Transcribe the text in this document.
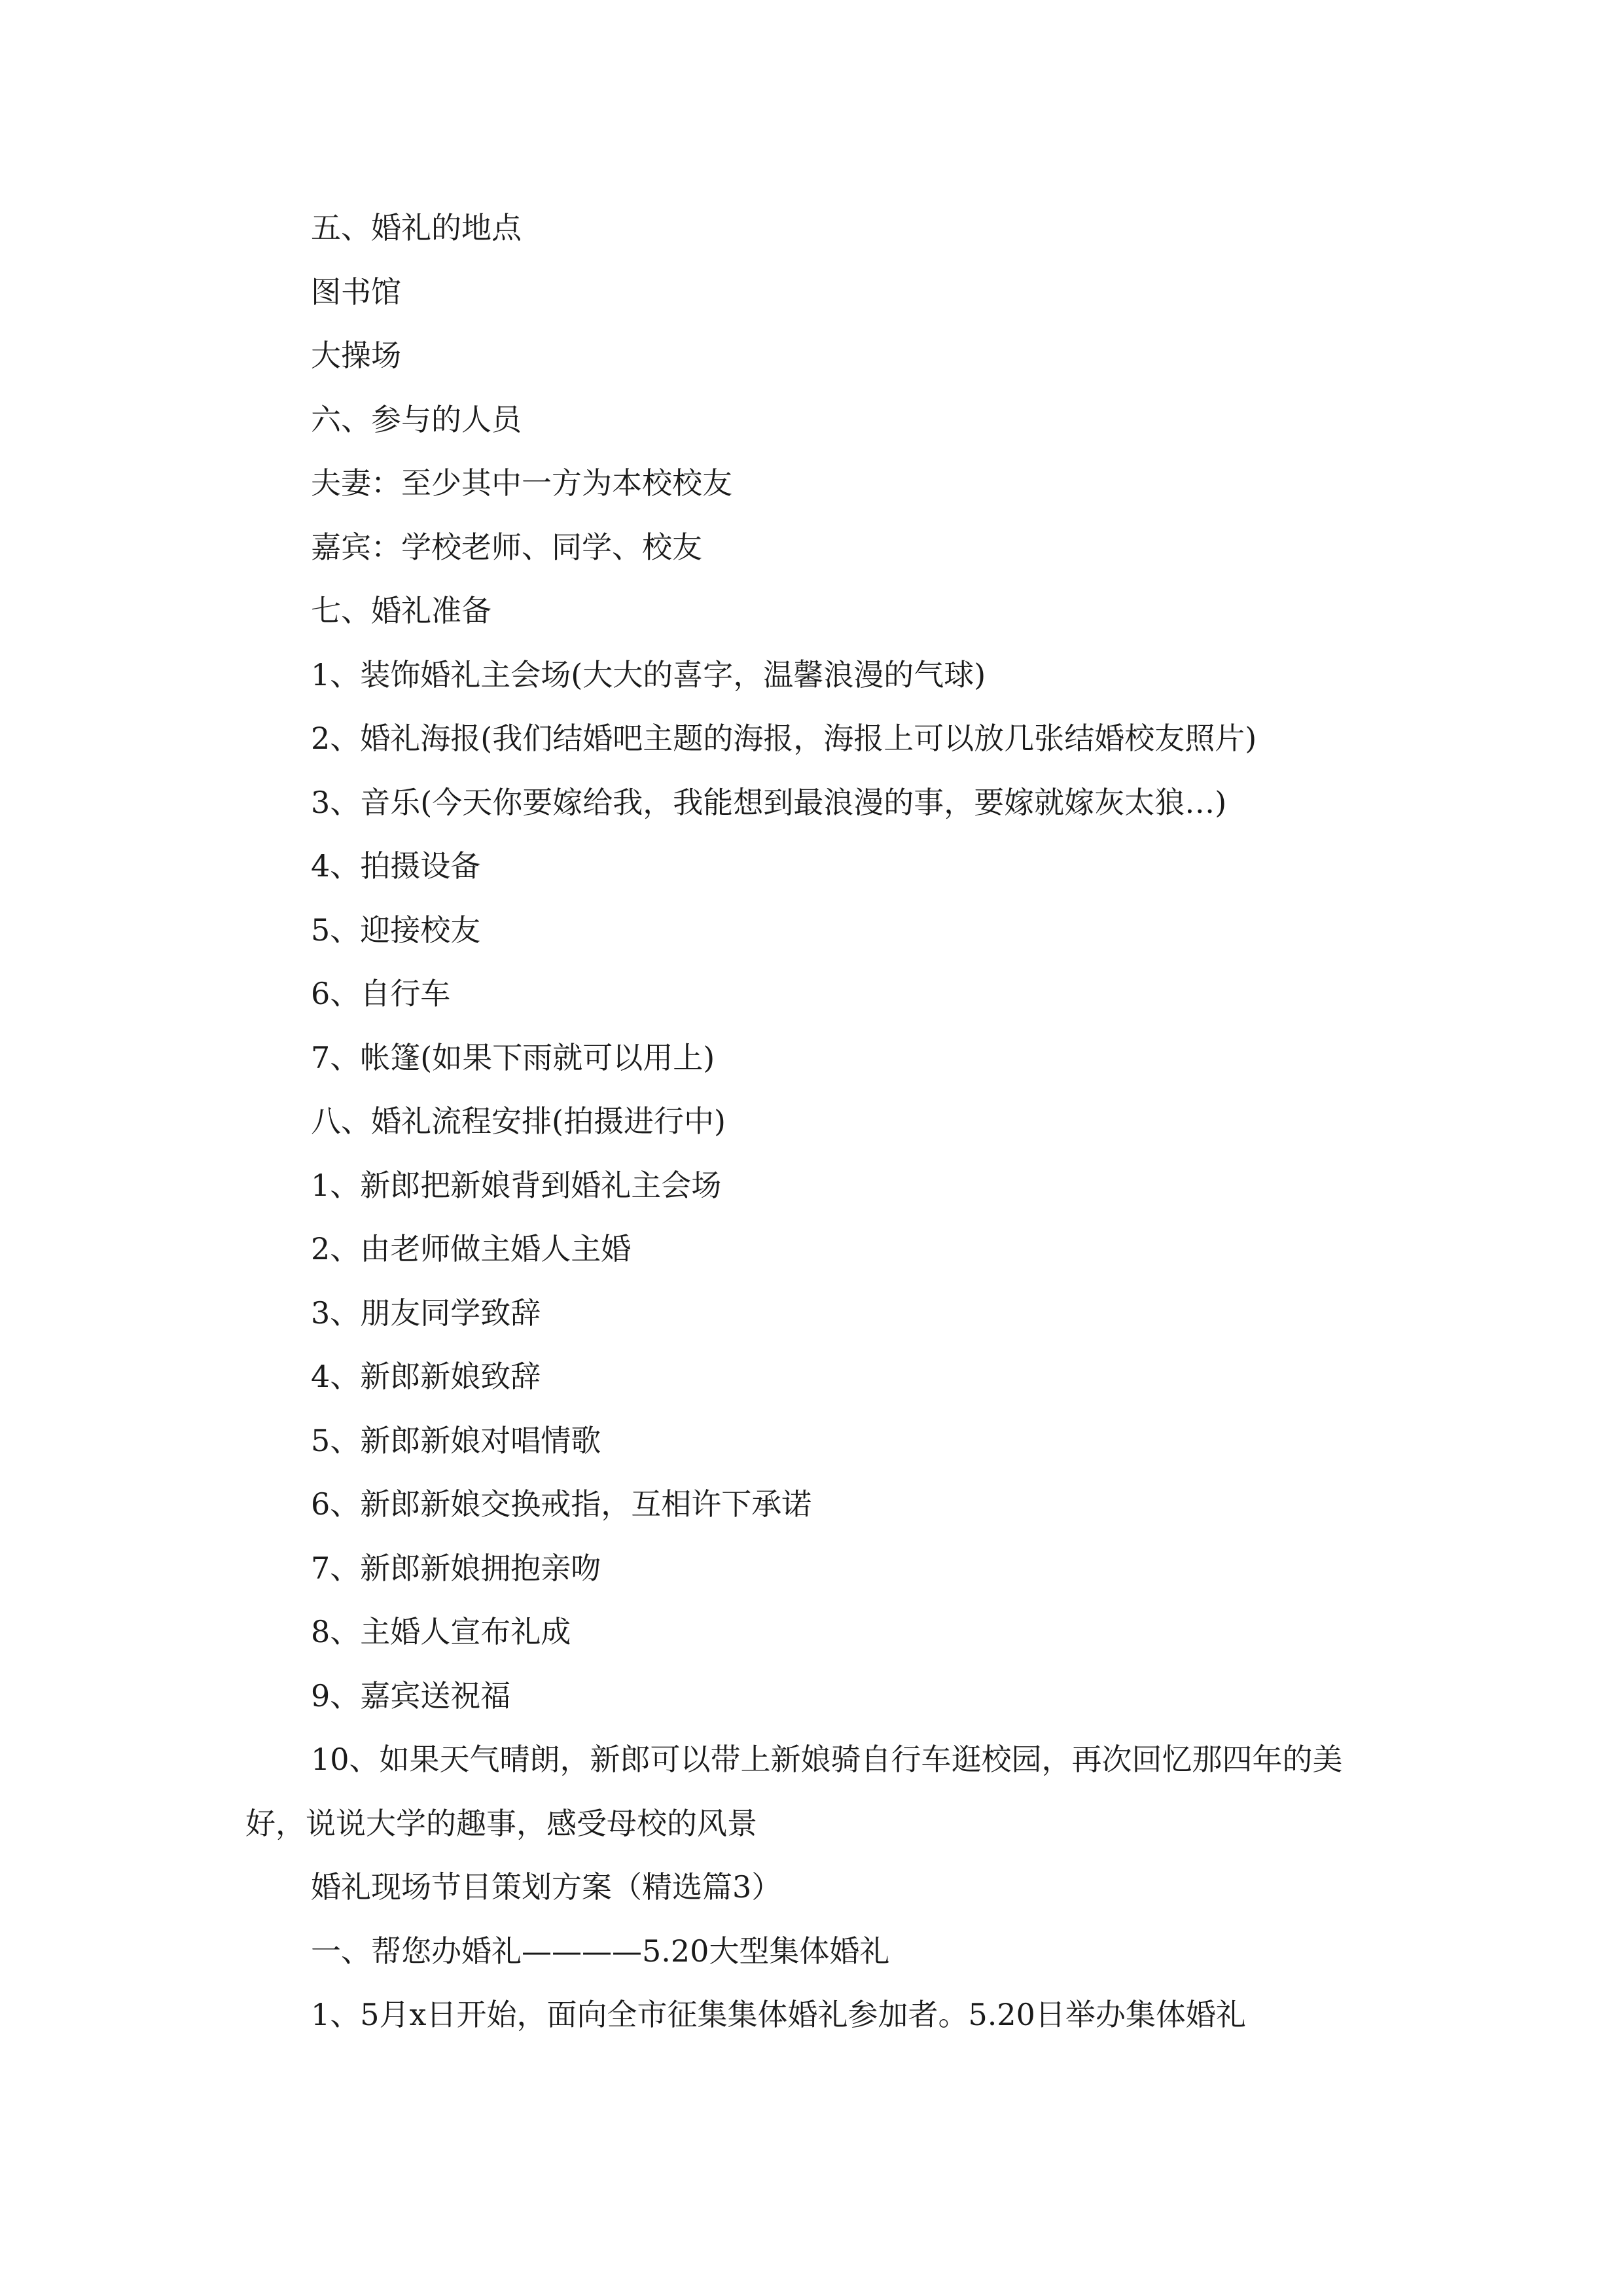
五、婚礼的地点

图书馆

大操场

六、参与的人员

夫妻：至少其中一方为本校校友

嘉宾：学校老师、同学、校友

七、婚礼准备

1、装饰婚礼主会场(大大的喜字，温馨浪漫的气球)

2、婚礼海报(我们结婚吧主题的海报，海报上可以放几张结婚校友照片)

3、音乐(今天你要嫁给我，我能想到最浪漫的事，要嫁就嫁灰太狼…)

4、拍摄设备

5、迎接校友

6、自行车

7、帐篷(如果下雨就可以用上)

八、婚礼流程安排(拍摄进行中)

1、新郎把新娘背到婚礼主会场

2、由老师做主婚人主婚

3、朋友同学致辞

4、新郎新娘致辞

5、新郎新娘对唱情歌

6、新郎新娘交换戒指，互相许下承诺

7、新郎新娘拥抱亲吻

8、主婚人宣布礼成

9、嘉宾送祝福

10、如果天气晴朗，新郎可以带上新娘骑自行车逛校园，再次回忆那四年的美好，说说大学的趣事，感受母校的风景

婚礼现场节目策划方案（精选篇3）

一、帮您办婚礼————5.20大型集体婚礼

1、5月x日开始，面向全市征集集体婚礼参加者。5.20日举办集体婚礼
